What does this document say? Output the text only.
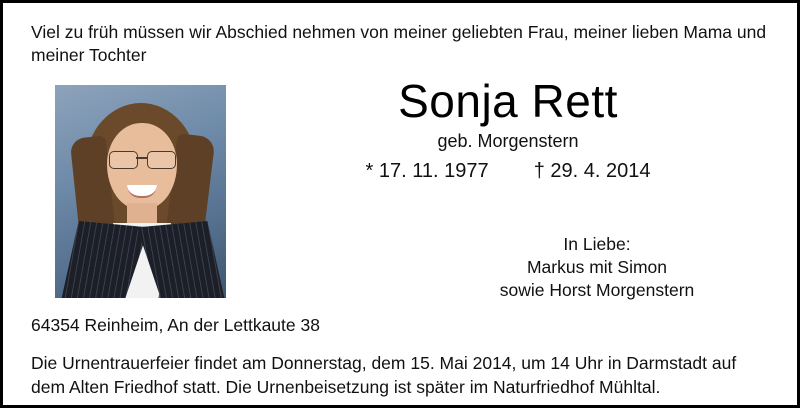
Viel zu früh müssen wir Abschied nehmen von meiner geliebten Frau, meiner lieben Mama und meiner Tochter
Sonja Rett
geb. Morgenstern
* 17. 11. 1977 † 29. 4. 2014
In Liebe:
Markus mit Simon
sowie Horst Morgenstern
64354 Reinheim, An der Lettkaute 38
Die Urnentrauerfeier findet am Donnerstag, dem 15. Mai 2014, um 14 Uhr in Darmstadt auf dem Alten Friedhof statt. Die Urnenbeisetzung ist später im Naturfriedhof Mühltal.
